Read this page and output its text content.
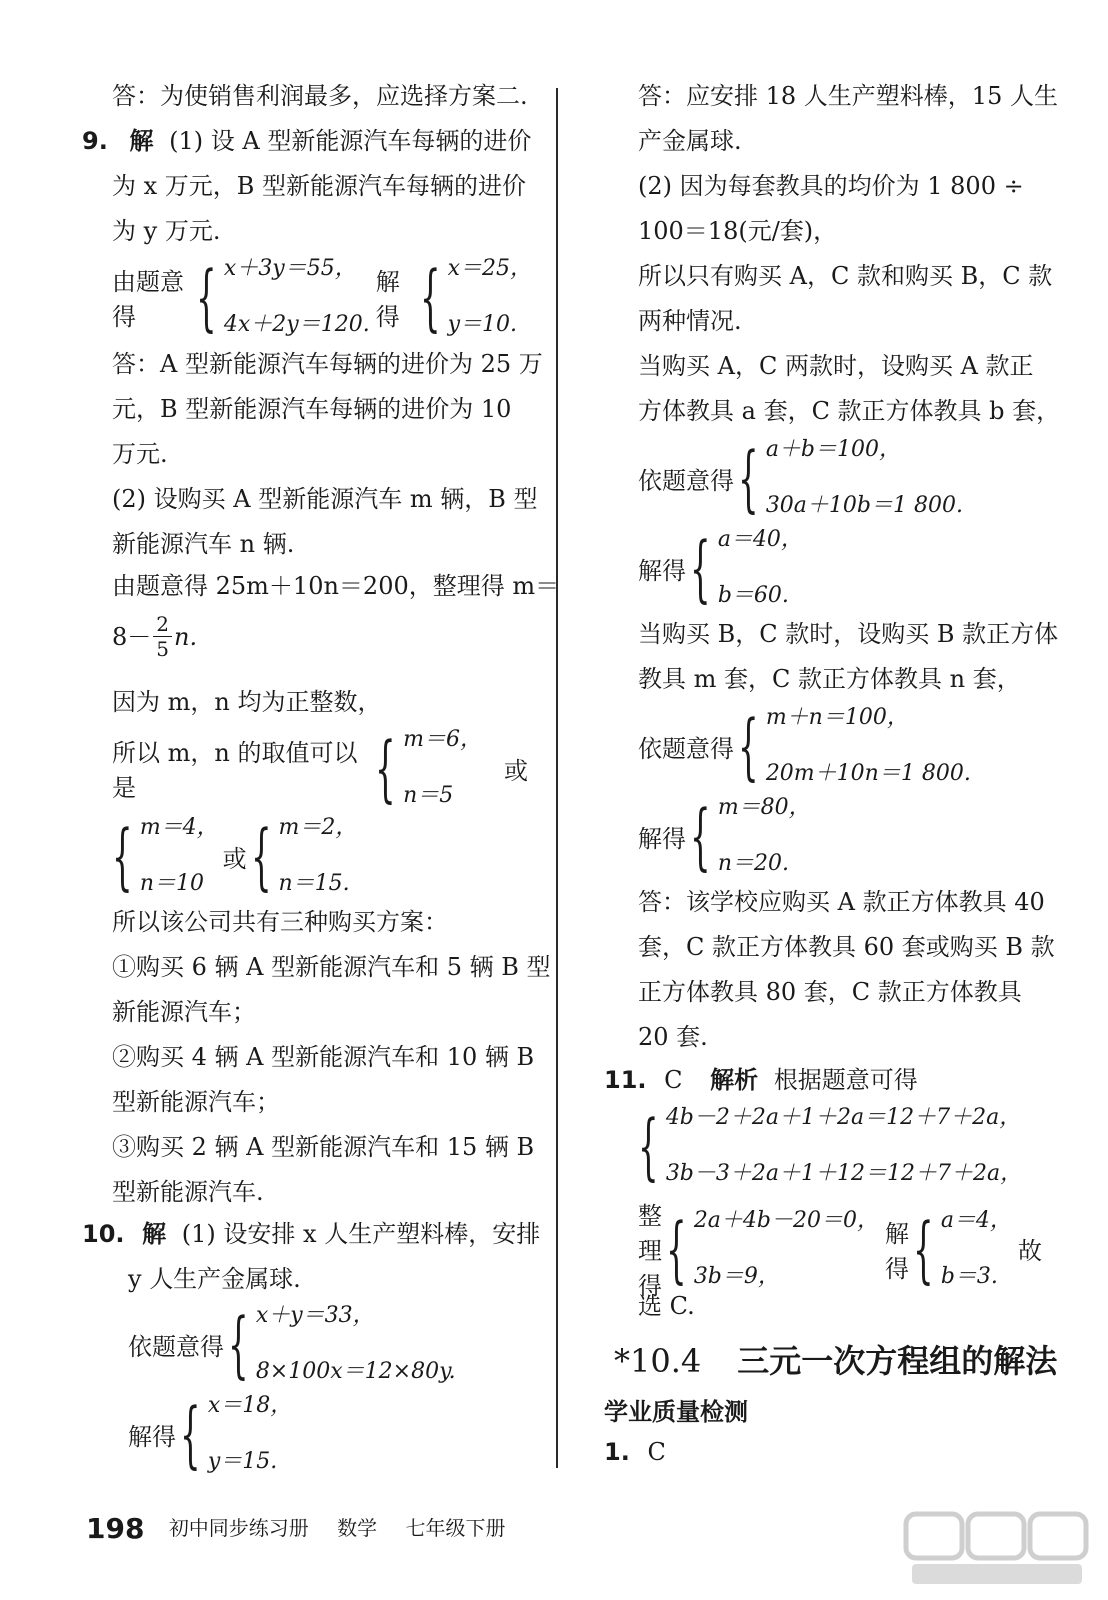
答：为使销售利润最多，应选择方案二.
9. 解 (1) 设 A 型新能源汽车每辆的进价
为 x 万元，B 型新能源汽车每辆的进价
为 y 万元.
由题意得 { x＋3y＝55，
4x＋2y＝120.
解得 { x＝25，
y＝10.
答：A 型新能源汽车每辆的进价为 25 万
元，B 型新能源汽车每辆的进价为 10
万元.
(2) 设购买 A 型新能源汽车 m 辆，B 型
新能源汽车 n 辆.
由题意得 25m＋10n＝200，整理得 m＝
$8- \frac{2}{5} n$.
因为 m，n 均为正整数，
所以 m，n 的取值可以是	{ m＝6，
n＝5
或
{ m＝4，
n＝10
或 { m＝2，
n＝15.
所以该公司共有三种购买方案：
①购买 6 辆 A 型新能源汽车和 5 辆 B 型
新能源汽车；
②购买 4 辆 A 型新能源汽车和 10 辆 B
型新能源汽车；
③购买 2 辆 A 型新能源汽车和 15 辆 B
型新能源汽车.
10. 解 (1) 设安排 x 人生产塑料棒，安排
y 人生产金属球.
依题意得 { x＋y＝33，
8×100x＝12×80y.
解得 { x＝18，
y＝15.
答：应安排 18 人生产塑料棒，15 人生
产金属球.
(2) 因为每套教具的均价为 1 800 ÷
100＝18(元/套)，
所以只有购买 A，C 款和购买 B，C 款
两种情况.
当购买 A，C 两款时，设购买 A 款正
方体教具 a 套，C 款正方体教具 b 套，
依题意得 { a＋b＝100，
30a＋10b＝1 800.
解得 { a＝40，
b＝60.
当购买 B，C 款时，设购买 B 款正方体
教具 m 套，C 款正方体教具 n 套，
依题意得 { m＋n＝100，
20m＋10n＝1 800.
解得 { m＝80，
n＝20.
答：该学校应购买 A 款正方体教具 40
套，C 款正方体教具 60 套或购买 B 款
正方体教具 80 套，C 款正方体教具
20 套.
11. C 解析 根据题意可得
{ 4b－2＋2a＋1＋2a＝12＋7＋2a，
3b－3＋2a＋1＋12＝12＋7＋2a，
整理得 { 2a＋4b－20＝0，
3b＝9，
解得 { a＝4，
b＝3.
故
选 C.
*10.4 三元一次方程组的解法
学业质量检测
1. C
198 初中同步练习册 数学 七年级下册
